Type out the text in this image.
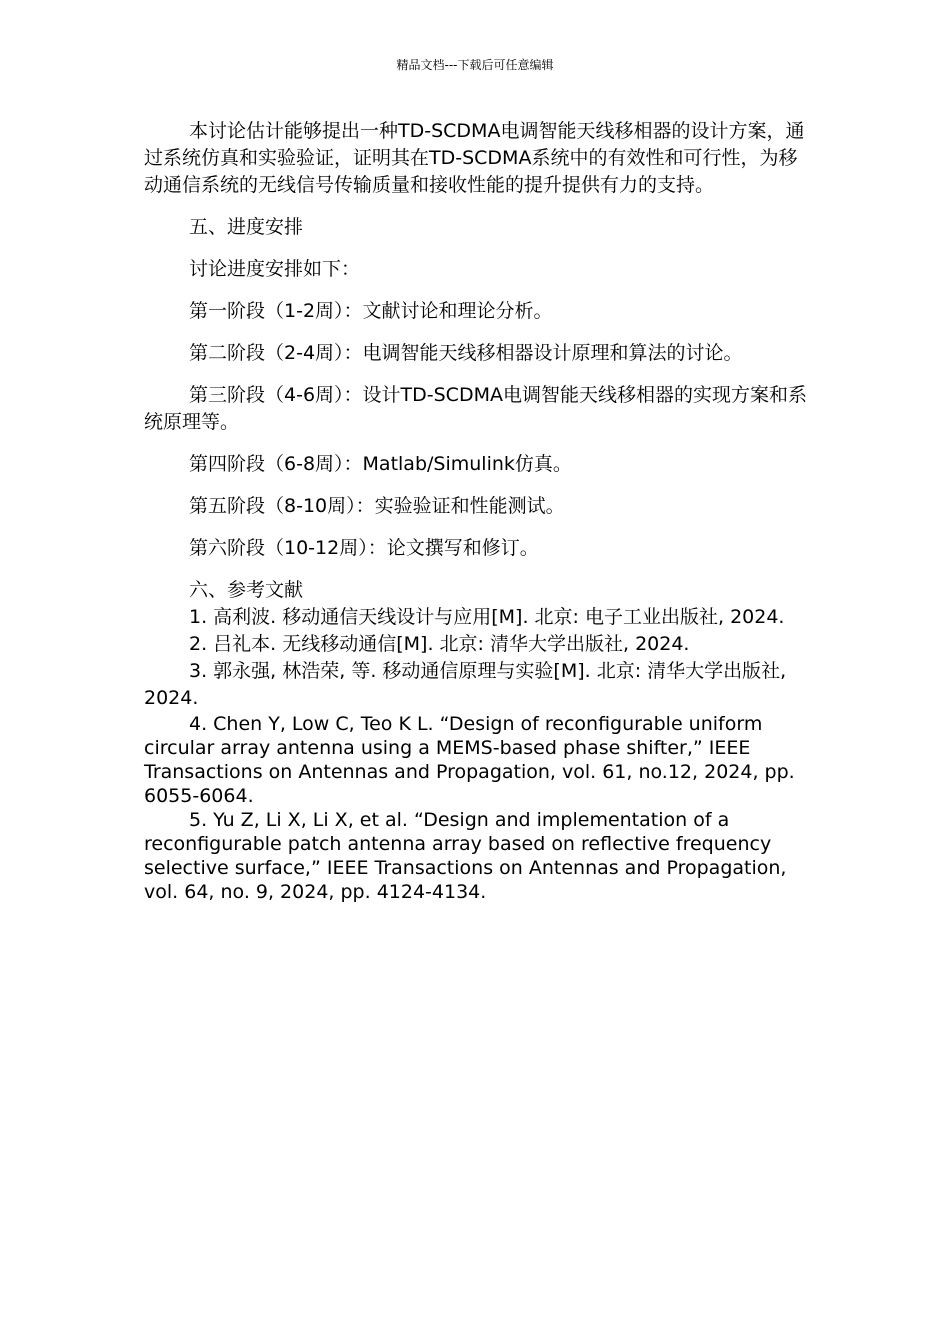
精品文档---下载后可任意编辑

本讨论估计能够提出一种TD-SCDMA电调智能天线移相器的设计方案，通过系统仿真和实验验证，证明其在TD-SCDMA系统中的有效性和可行性，为移动通信系统的无线信号传输质量和接收性能的提升提供有力的支持。

五、进度安排

讨论进度安排如下：

第一阶段（1-2周）：文献讨论和理论分析。

第二阶段（2-4周）：电调智能天线移相器设计原理和算法的讨论。

第三阶段（4-6周）：设计TD-SCDMA电调智能天线移相器的实现方案和系统原理等。

第四阶段（6-8周）：Matlab/Simulink仿真。

第五阶段（8-10周）：实验验证和性能测试。

第六阶段（10-12周）：论文撰写和修订。

六、参考文献

1. 高利波. 移动通信天线设计与应用[M]. 北京: 电子工业出版社, 2024.

2. 吕礼本. 无线移动通信[M]. 北京: 清华大学出版社, 2024.

3. 郭永强, 林浩荣, 等. 移动通信原理与实验[M]. 北京: 清华大学出版社, 2024.

4. Chen Y, Low C, Teo K L. “Design of reconfigurable uniform circular array antenna using a MEMS-based phase shifter,” IEEE Transactions on Antennas and Propagation, vol. 61, no.12, 2024, pp. 6055-6064.

5. Yu Z, Li X, Li X, et al. “Design and implementation of a reconfigurable patch antenna array based on reflective frequency selective surface,” IEEE Transactions on Antennas and Propagation, vol. 64, no. 9, 2024, pp. 4124-4134.
